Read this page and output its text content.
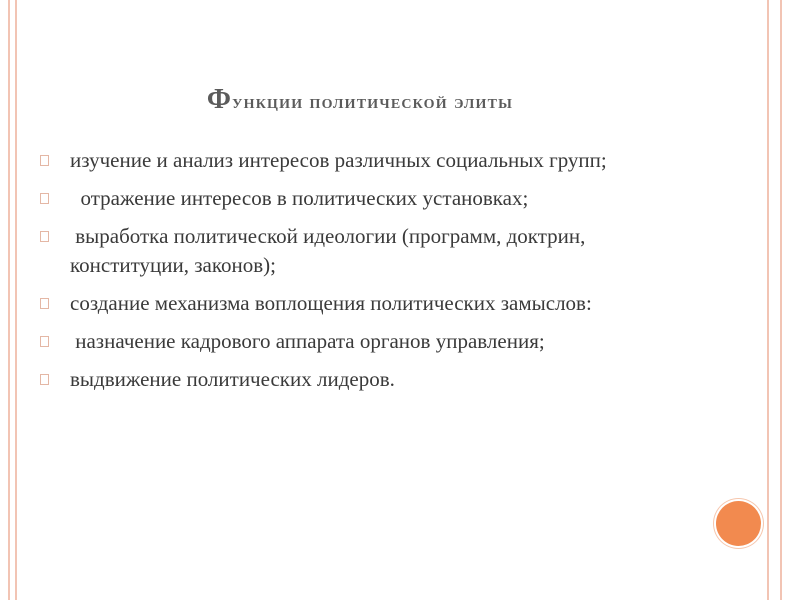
Функции политической элиты
изучение и анализ интересов различных социальных групп;
отражение интересов в политических установках;
выработка политической идеологии (программ, доктрин, конституции, законов);
создание механизма воплощения политических замыслов:
назначение кадрового аппарата органов управления;
выдвижение политических лидеров.
